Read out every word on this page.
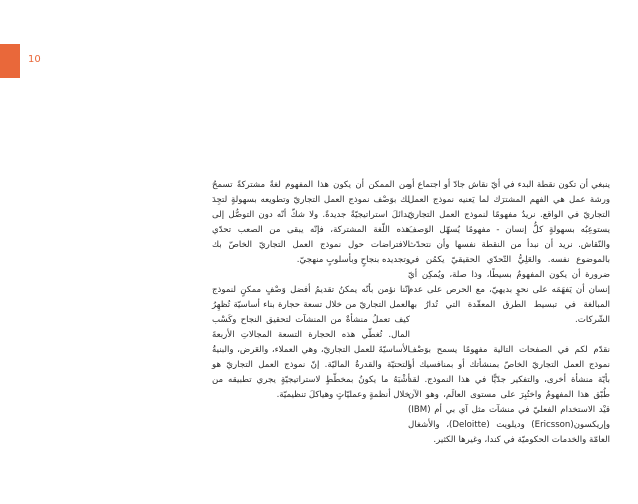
10

ينبغي أن تكون نقطة البدء في أيّ نقاش جادّ أو اجتماع أو ورشة عمل هي الفهم المشترَك لما يَعنيه نموذج العمل التجاريّ في الواقع. نريدُ مفهومًا لنموذج العمل التجاريّ يستوعِبُه بسهولةٍ كلُّ إنسان - مفهومًا يُسهّل الوَصفَ والنّقاش. نريد أن نبدأ من النقطة نفسها وأن نتحدّث بالموضوع نفسه. والعَلِيُّ التّحدّي الحقيقيّ يكمُن في ضرورة أن يكون المفهومُ بسيطًا، وذا صلة، ويُمكِن أيّ إنسان أن يَفهَمَه على نحوٍ بديهيّ، مع الحرص على عدم المبالغة في تبسيط الطرق المعقّدة التي تُدارُ بها الشّركات.

نقدّم لكم في الصفحات التالية مفهومًا يسمح بوَصْف نموذج العمل التجاريّ الخاصّ بمنشأتك أو بمنافسيك أو بأيّة منشأة أخرى، والتفكير جدّيًّا في هذا النموذج. لقد طُبّق هذا المفهومُ واختُبِرَ على مستوى العالَم، وهو الآن قيْد الاستخدام الفعليّ في منشآت مثل آي بي أم (IBM) وإريكسون(Ericsson) وديلويت (Deloitte)، والأشغال العامّة والخدمات الحكوميّة في كندا، وغيرها الكثير.

من الممكن أن يكون هذا المفهوم لغةً مشتركةً تسمحُ لك بوَصْف نموذج العمل التجاريّ وتطويعه بسهولةٍ لتجِدَ بدائلَ استراتيجيّةً جديدةً. ولا شكّ أنّه دون التوصُّل إلى هذه اللّغة المشتركة، فإنّه يبقى من الصعب تحدّي الافتراضات حول نموذج العمل التجاريّ الخاصّ بك وتجديده بنجاحٍ وبأسلوبٍ منهجيّ.

إنّنا نؤمن بأنّه يمكنُ تقديمُ أفضل وَصْفٍ ممكنٍ لنموذج العمل التجاريّ من خلال تسعة حجارة بناء أساسيّة تُظهِرُ كيف تعملُ منشأةٌ من المنشآت لتحقيق النجاح وكَسْب المال. تُغطّي هذه الحجارة التسعة المجالاتِ الأربعةَ الأساسيّةَ للعمل التجاريّ، وهي العملاء، والعَرض، والبنيةُ التحتيّة والقدرةُ الماليّة. إنّ نموذج العمل التجاريّ هو أشْبَهُ ما يكونُ بمخطّطٍ لاستراتيجيّةٍ يجري تطبيقه من خلال أنظمةٍ وعمليّاتٍ وهياكلَ تنظيميّة.
